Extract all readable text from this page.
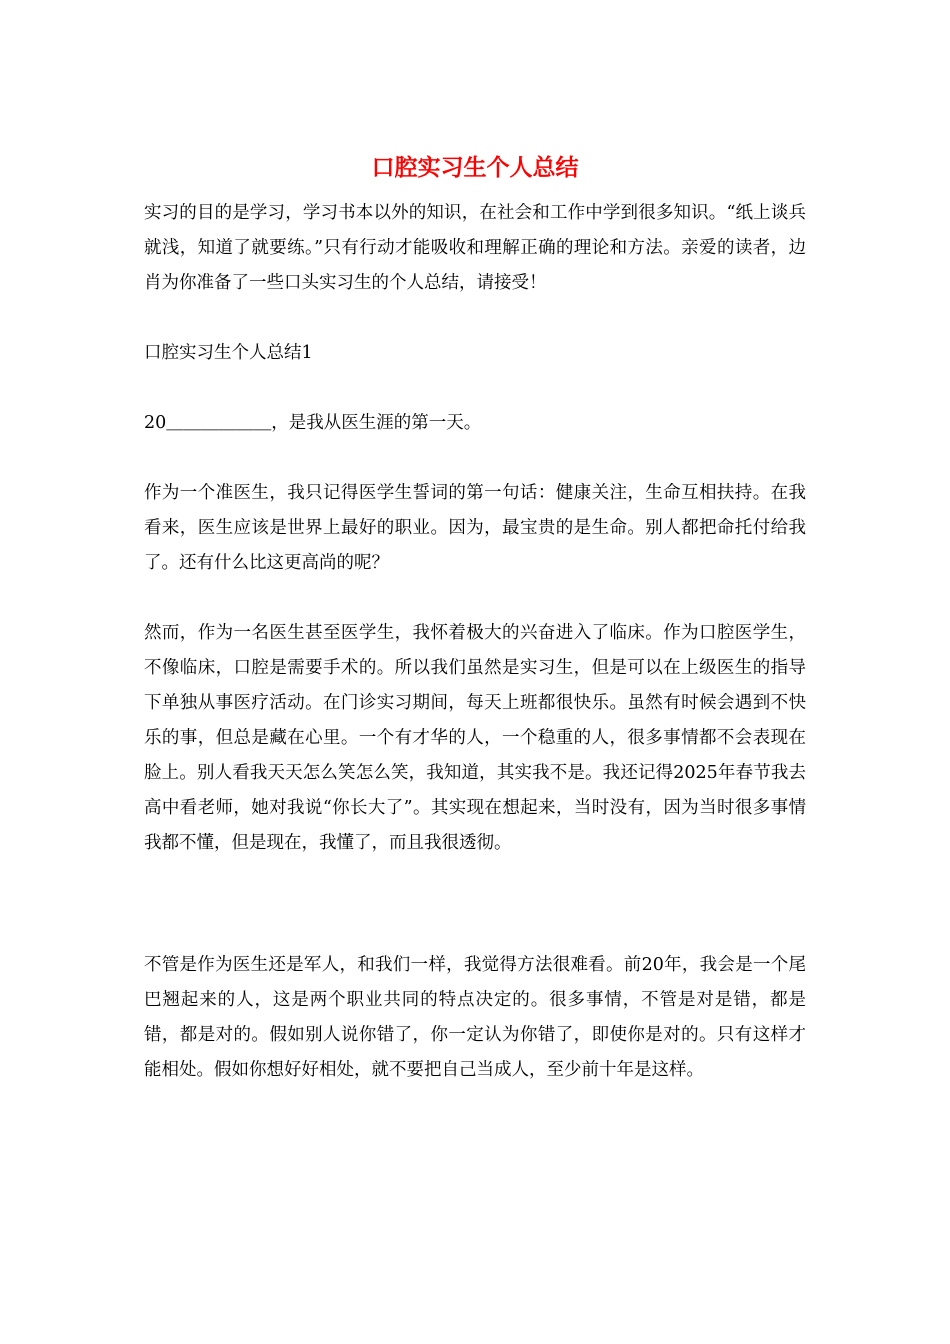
口腔实习生个人总结

实习的目的是学习，学习书本以外的知识，在社会和工作中学到很多知识。“纸上谈兵就浅，知道了就要练。”只有行动才能吸收和理解正确的理论和方法。亲爱的读者，边肖为你准备了一些口头实习生的个人总结，请接受！

口腔实习生个人总结1

20＿＿＿＿＿＿，是我从医生涯的第一天。

作为一个准医生，我只记得医学生誓词的第一句话：健康关注，生命互相扶持。在我看来，医生应该是世界上最好的职业。因为，最宝贵的是生命。别人都把命托付给我了。还有什么比这更高尚的呢？

然而，作为一名医生甚至医学生，我怀着极大的兴奋进入了临床。作为口腔医学生，不像临床，口腔是需要手术的。所以我们虽然是实习生，但是可以在上级医生的指导下单独从事医疗活动。在门诊实习期间，每天上班都很快乐。虽然有时候会遇到不快乐的事，但总是藏在心里。一个有才华的人，一个稳重的人，很多事情都不会表现在脸上。别人看我天天怎么笑怎么笑，我知道，其实我不是。我还记得2025年春节我去高中看老师，她对我说“你长大了”。其实现在想起来，当时没有，因为当时很多事情我都不懂，但是现在，我懂了，而且我很透彻。

不管是作为医生还是军人，和我们一样，我觉得方法很难看。前20年，我会是一个尾巴翘起来的人，这是两个职业共同的特点决定的。很多事情，不管是对是错，都是错，都是对的。假如别人说你错了，你一定认为你错了，即使你是对的。只有这样才能相处。假如你想好好相处，就不要把自己当成人，至少前十年是这样。
